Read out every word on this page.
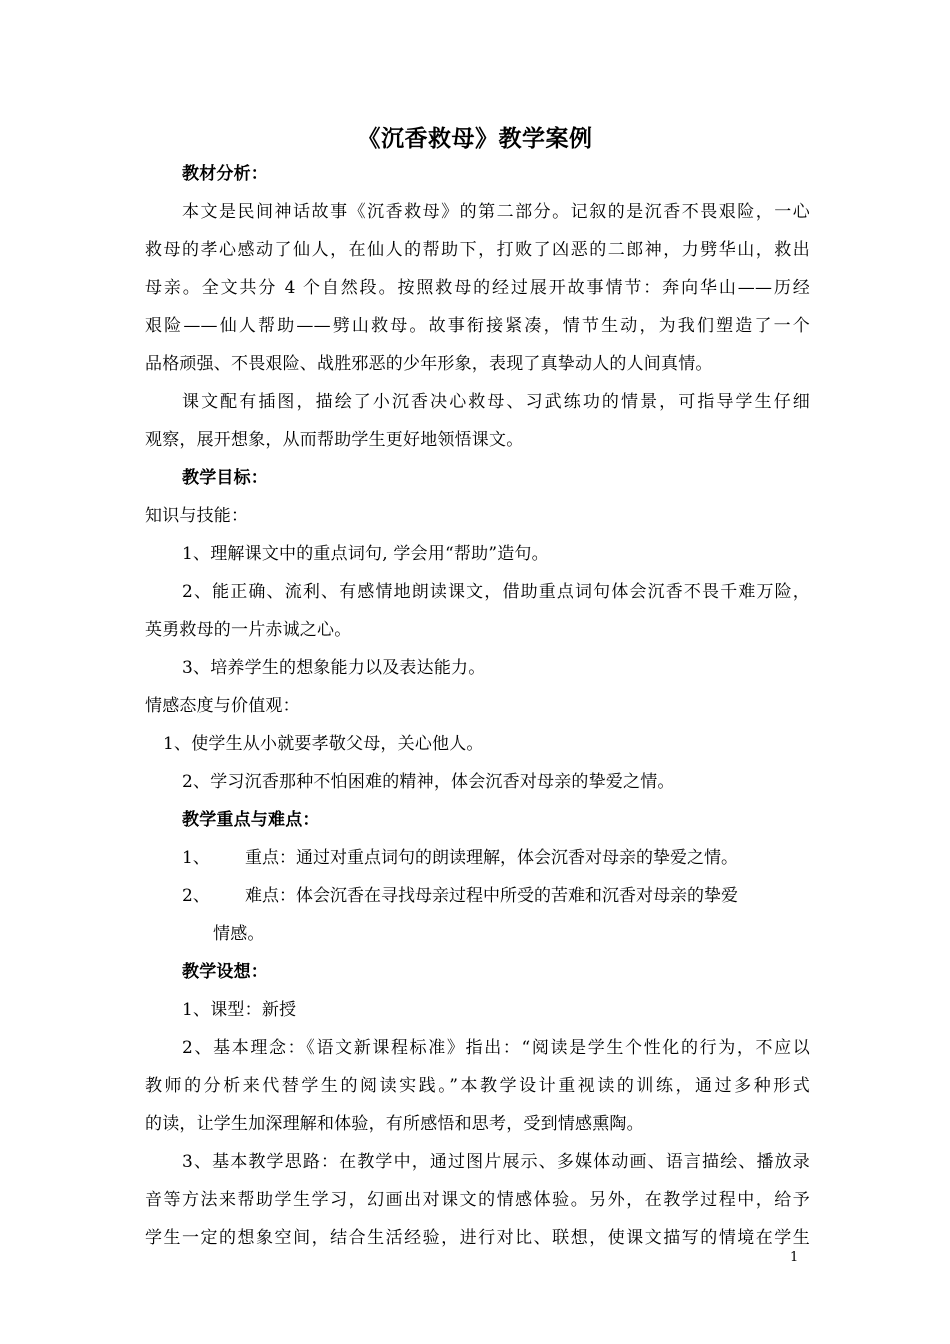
《沉香救母》教学案例
教材分析：
本文是民间神话故事《沉香救母》的第二部分。记叙的是沉香不畏艰险，一心
救母的孝心感动了仙人，在仙人的帮助下，打败了凶恶的二郎神，力劈华山，救出
母亲。全文共分 4 个自然段。按照救母的经过展开故事情节：奔向华山——历经
艰险——仙人帮助——劈山救母。故事衔接紧凑，情节生动，为我们塑造了一个
品格顽强、不畏艰险、战胜邪恶的少年形象，表现了真挚动人的人间真情。
课文配有插图，描绘了小沉香决心救母、习武练功的情景，可指导学生仔细
观察，展开想象，从而帮助学生更好地领悟课文。
教学目标：
知识与技能：
1、理解课文中的重点词句, 学会用“帮助”造句。
2、能正确、流利、有感情地朗读课文，借助重点词句体会沉香不畏千难万险，
英勇救母的一片赤诚之心。
3、培养学生的想象能力以及表达能力。
情感态度与价值观：
1、使学生从小就要孝敬父母，关心他人。
2、学习沉香那种不怕困难的精神，体会沉香对母亲的挚爱之情。
教学重点与难点：
1、 重点：通过对重点词句的朗读理解，体会沉香对母亲的挚爱之情。
2、 难点：体会沉香在寻找母亲过程中所受的苦难和沉香对母亲的挚爱
情感。
教学设想：
1、课型：新授
2、基本理念：《语文新课程标准》指出：“阅读是学生个性化的行为，不应以
教师的分析来代替学生的阅读实践。”本教学设计重视读的训练，通过多种形式
的读，让学生加深理解和体验，有所感悟和思考，受到情感熏陶。
3、基本教学思路：在教学中，通过图片展示、多媒体动画、语言描绘、播放录
音等方法来帮助学生学习，幻画出对课文的情感体验。另外，在教学过程中，给予
学生一定的想象空间，结合生活经验，进行对比、联想，使课文描写的情境在学生
1
